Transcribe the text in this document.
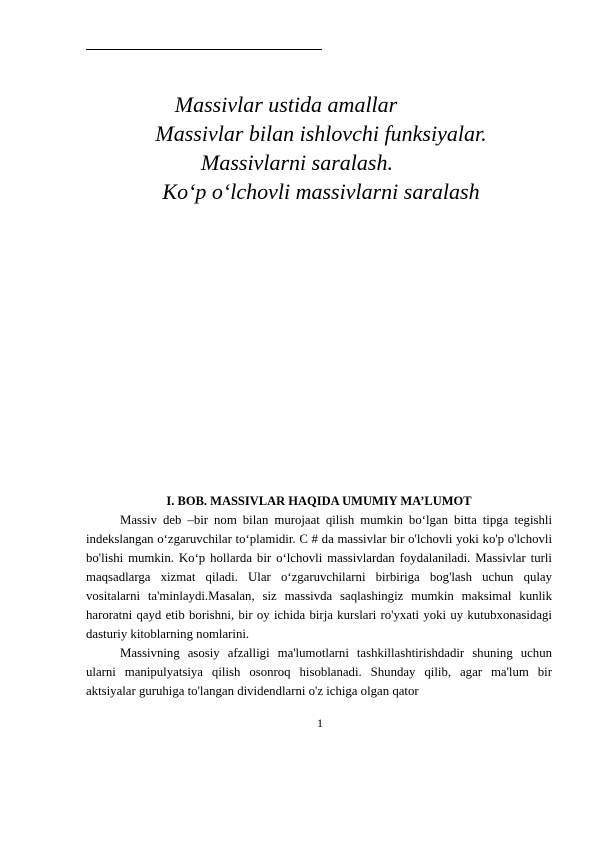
Massivlar ustida amallar
Massivlar bilan ishlovchi funksiyalar.
Massivlarni saralash.
Ko‘p o‘lchovli massivlarni saralash
I. BOB. MASSIVLAR HAQIDA UMUMIY MA’LUMOT

Massiv deb –bir nom bilan murojaat qilish mumkin bo‘lgan bitta tipga tegishli indekslangan o‘zgaruvchilar to‘plamidir. C # da massivlar bir o'lchovli yoki ko'p o'lchovli bo'lishi mumkin. Ko‘p hollarda bir o‘lchovli massivlardan foydalaniladi. Massivlar turli maqsadlarga xizmat qiladi. Ular o‘zgaruvchilarni birbiriga bog'lash uchun qulay vositalarni ta'minlaydi.Masalan, siz massivda saqlashingiz mumkin maksimal kunlik haroratni qayd etib borishni, bir oy ichida birja kurslari ro'yxati yoki uy kutubxonasidagi dasturiy kitoblarning nomlarini.

Massivning asosiy afzalligi ma'lumotlarni tashkillashtirishdadir shuning uchun ularni manipulyatsiya qilish osonroq hisoblanadi. Shunday qilib, agar ma'lum bir aktsiyalar guruhiga to'langan dividendlarni o'z ichiga olgan qator

1
